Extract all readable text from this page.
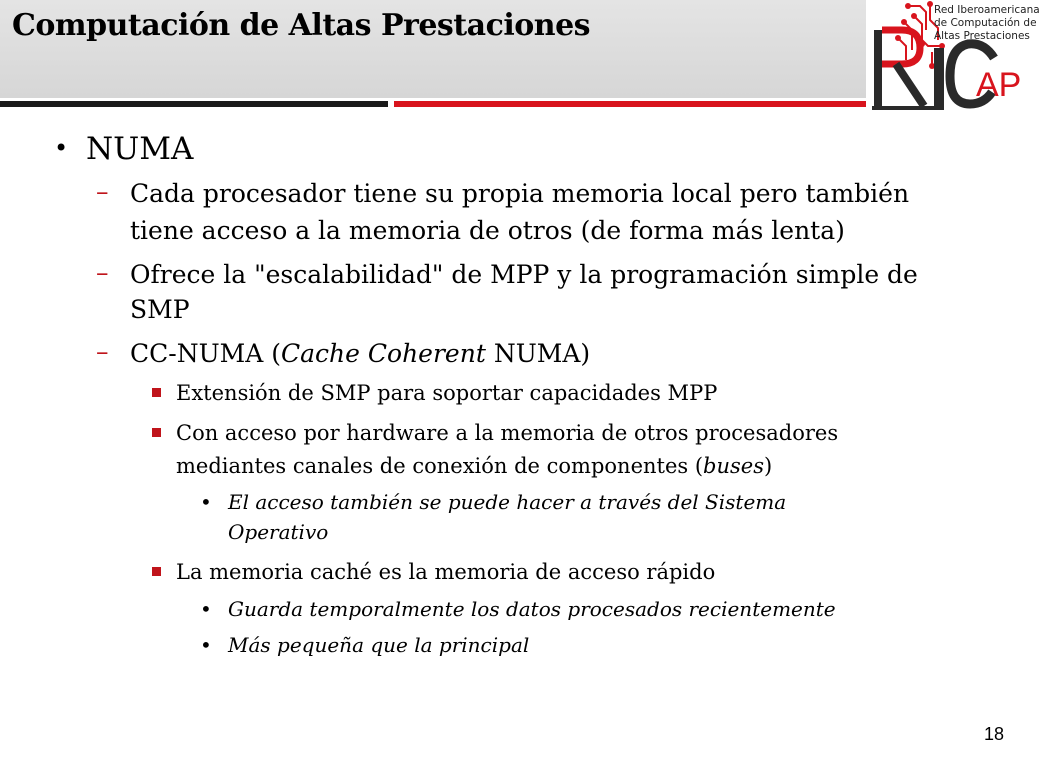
Computación de Altas Prestaciones
AP
Red Iberoamericana
de Computación de
Altas Prestaciones
• NUMA
– Cada procesador tiene su propia memoria local pero también
tiene acceso a la memoria de otros (de forma más lenta)
– Ofrece la "escalabilidad" de MPP y la programación simple de
SMP
– CC-NUMA (Cache Coherent NUMA)
Extensión de SMP para soportar capacidades MPP
Con acceso por hardware a la memoria de otros procesadores
mediantes canales de conexión de componentes (buses)
• El acceso también se puede hacer a través del Sistema
Operativo
La memoria caché es la memoria de acceso rápido
• Guarda temporalmente los datos procesados recientemente
• Más pequeña que la principal
18
